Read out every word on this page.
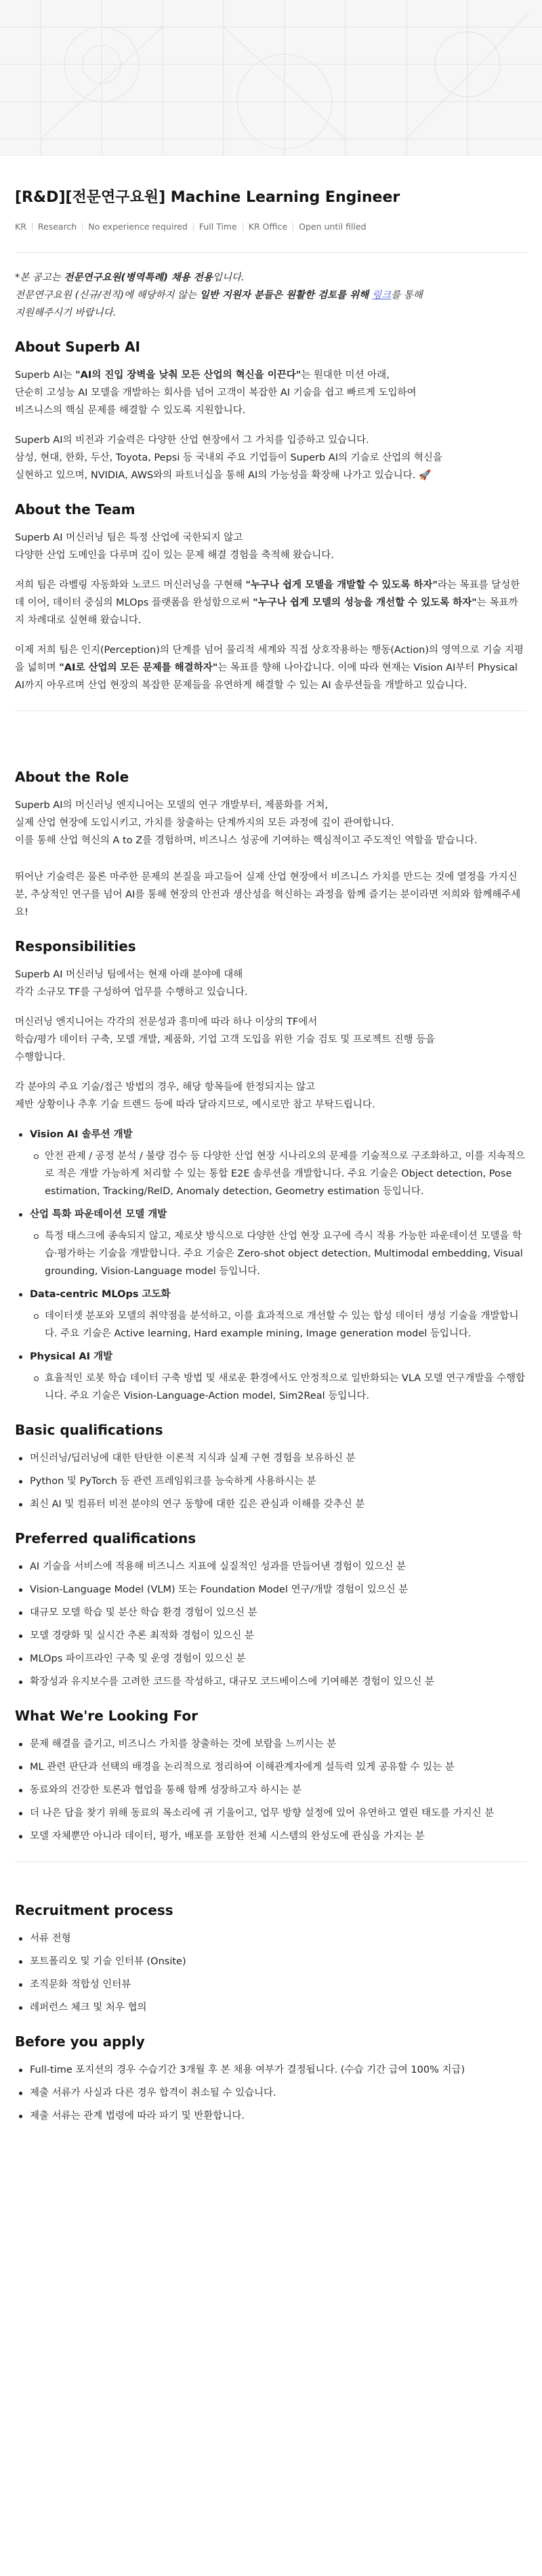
[R&D][전문연구요원] Machine Learning Engineer
KR Research No experience required Full Time KR Office Open until filled
*본 공고는 전문연구요원(병역특례) 채용 전용입니다.
전문연구요원 (신규/전직)에 해당하지 않는 일반 지원자 분들은 원활한 검토를 위해 링크를 통해
지원해주시기 바랍니다.
About Superb AI

Superb AI는 "AI의 진입 장벽을 낮춰 모든 산업의 혁신을 이끈다"는 원대한 미션 아래,
단순히 고성능 AI 모델을 개발하는 회사를 넘어 고객이 복잡한 AI 기술을 쉽고 빠르게 도입하여
비즈니스의 핵심 문제를 해결할 수 있도록 지원합니다.

Superb AI의 비전과 기술력은 다양한 산업 현장에서 그 가치를 입증하고 있습니다.
삼성, 현대, 한화, 두산, Toyota, Pepsi 등 국내외 주요 기업들이 Superb AI의 기술로 산업의 혁신을
실현하고 있으며, NVIDIA, AWS와의 파트너십을 통해 AI의 가능성을 확장해 나가고 있습니다. 🚀

About the Team

Superb AI 머신러닝 팀은 특정 산업에 국한되지 않고
다양한 산업 도메인을 다루며 깊이 있는 문제 해결 경험을 축적해 왔습니다.

저희 팀은 라벨링 자동화와 노코드 머신러닝을 구현해 "누구나 쉽게 모델을 개발할 수 있도록 하자"라는 목표를 달성한 데 이어, 데이터 중심의 MLOps 플랫폼을 완성함으로써 "누구나 쉽게 모델의 성능을 개선할 수 있도록 하자"는 목표까지 차례대로 실현해 왔습니다.

이제 저희 팀은 인지(Perception)의 단계를 넘어 물리적 세계와 직접 상호작용하는 행동(Action)의 영역으로 기술 지평을 넓히며 "AI로 산업의 모든 문제를 해결하자"는 목표를 향해 나아갑니다. 이에 따라 현재는 Vision AI부터 Physical AI까지 아우르며 산업 현장의 복잡한 문제들을 유연하게 해결할 수 있는 AI 솔루션들을 개발하고 있습니다.

About the Role

Superb AI의 머신러닝 엔지니어는 모델의 연구 개발부터, 제품화를 거쳐,
실제 산업 현장에 도입시키고, 가치를 창출하는 단계까지의 모든 과정에 깊이 관여합니다.
이를 통해 산업 혁신의 A to Z를 경험하며, 비즈니스 성공에 기여하는 핵심적이고 주도적인 역할을 맡습니다.

뛰어난 기술력은 물론 마주한 문제의 본질을 파고들어 실제 산업 현장에서 비즈니스 가치를 만드는 것에 열정을 가지신 분, 추상적인 연구를 넘어 AI를 통해 현장의 안전과 생산성을 혁신하는 과정을 함께 즐기는 분이라면 저희와 함께해주세요!

Responsibilities

Superb AI 머신러닝 팀에서는 현재 아래 분야에 대해
각각 소규모 TF를 구성하여 업무를 수행하고 있습니다.

머신러닝 엔지니어는 각각의 전문성과 흥미에 따라 하나 이상의 TF에서
학습/평가 데이터 구축, 모델 개발, 제품화, 기업 고객 도입을 위한 기술 검토 및 프로젝트 진행 등을
수행합니다.

각 분야의 주요 기술/접근 방법의 경우, 해당 항목들에 한정되지는 않고
제반 상황이나 추후 기술 트렌드 등에 따라 달라지므로, 예시로만 참고 부탁드립니다.

Vision AI 솔루션 개발
안전 관제 / 공정 분석 / 불량 검수 등 다양한 산업 현장 시나리오의 문제를 기술적으로 구조화하고, 이를 지속적으로 적은 개발 가능하게 처리할 수 있는 통합 E2E 솔루션을 개발합니다. 주요 기술은 Object detection, Pose estimation, Tracking/ReID, Anomaly detection, Geometry estimation 등입니다.
산업 특화 파운데이션 모델 개발
특정 태스크에 종속되지 않고, 제로샷 방식으로 다양한 산업 현장 요구에 즉시 적용 가능한 파운데이션 모델을 학습·평가하는 기술을 개발합니다. 주요 기술은 Zero-shot object detection, Multimodal embedding, Visual grounding, Vision-Language model 등입니다.
Data-centric MLOps 고도화
데이터셋 분포와 모델의 취약점을 분석하고, 이를 효과적으로 개선할 수 있는 합성 데이터 생성 기술을 개발합니다. 주요 기술은 Active learning, Hard example mining, Image generation model 등입니다.
Physical AI 개발
효율적인 로봇 학습 데이터 구축 방법 및 새로운 환경에서도 안정적으로 일반화되는 VLA 모델 연구개발을 수행합니다. 주요 기술은 Vision-Language-Action model, Sim2Real 등입니다.
Basic qualifications
머신러닝/딥러닝에 대한 탄탄한 이론적 지식과 실제 구현 경험을 보유하신 분
Python 및 PyTorch 등 관련 프레임워크를 능숙하게 사용하시는 분
최신 AI 및 컴퓨터 비전 분야의 연구 동향에 대한 깊은 관심과 이해를 갖추신 분
Preferred qualifications
AI 기술을 서비스에 적용해 비즈니스 지표에 실질적인 성과를 만들어낸 경험이 있으신 분
Vision-Language Model (VLM) 또는 Foundation Model 연구/개발 경험이 있으신 분
대규모 모델 학습 및 분산 학습 환경 경험이 있으신 분
모델 경량화 및 실시간 추론 최적화 경험이 있으신 분
MLOps 파이프라인 구축 및 운영 경험이 있으신 분
확장성과 유지보수를 고려한 코드를 작성하고, 대규모 코드베이스에 기여해본 경험이 있으신 분
What We're Looking For
문제 해결을 즐기고, 비즈니스 가치를 창출하는 것에 보람을 느끼시는 분
ML 관련 판단과 선택의 배경을 논리적으로 정리하여 이해관계자에게 설득력 있게 공유할 수 있는 분
동료와의 건강한 토론과 협업을 통해 함께 성장하고자 하시는 분
더 나은 답을 찾기 위해 동료의 목소리에 귀 기울이고, 업무 방향 설정에 있어 유연하고 열린 태도를 가지신 분
모델 자체뿐만 아니라 데이터, 평가, 배포를 포함한 전체 시스템의 완성도에 관심을 가지는 분
Recruitment process
서류 전형
포트폴리오 및 기술 인터뷰 (Onsite)
조직문화 적합성 인터뷰
레퍼런스 체크 및 처우 협의
Before you apply
Full-time 포지션의 경우 수습기간 3개월 후 본 채용 여부가 결정됩니다. (수습 기간 급여 100% 지급)
제출 서류가 사실과 다른 경우 합격이 취소될 수 있습니다.
제출 서류는 관계 법령에 따라 파기 및 반환합니다.
